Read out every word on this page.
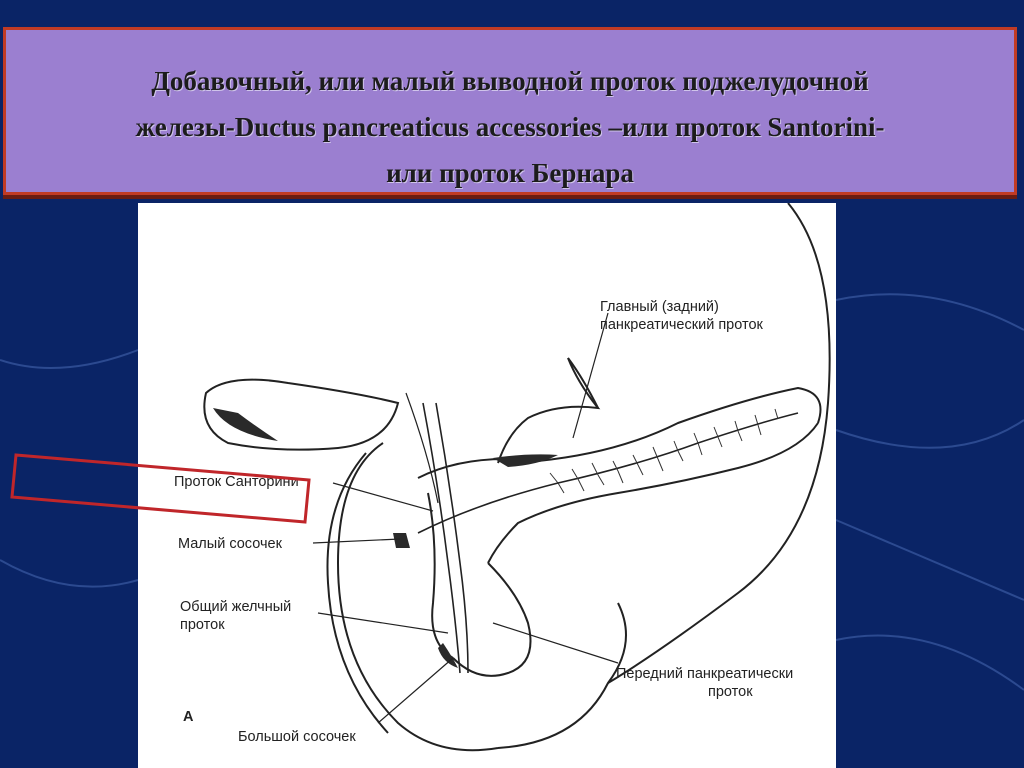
Добавочный, или малый выводной проток поджелудочной
железы-Ductus pancreaticus accessories –или проток Santorini-
или проток Бернара
Главный (задний)
панкреатический проток
Проток Санторини
Малый сосочек
Общий желчный
проток
Передний панкреатически
проток
А
Большой сосочек
